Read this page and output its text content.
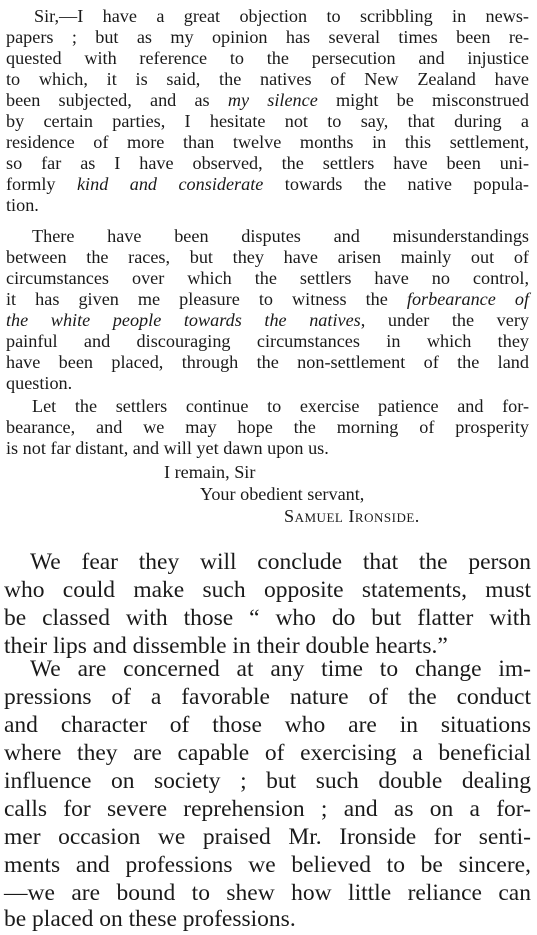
Sir,—I have a great objection to scribbling in news-
papers ; but as my opinion has several times been re-
quested with reference to the persecution and injustice
to which, it is said, the natives of New Zealand have
been subjected, and as my silence might be misconstrued
by certain parties, I hesitate not to say, that during a
residence of more than twelve months in this settlement,
so far as I have observed, the settlers have been uni-
formly kind and considerate towards the native popula-
tion.
There have been disputes and misunderstandings
between the races, but they have arisen mainly out of
circumstances over which the settlers have no control,
it has given me pleasure to witness the forbearance of
the white people towards the natives, under the very
painful and discouraging circumstances in which they
have been placed, through the non-settlement of the land
question.
Let the settlers continue to exercise patience and for-
bearance, and we may hope the morning of prosperity
is not far distant, and will yet dawn upon us.
I remain, Sir
Your obedient servant,
Samuel Ironside.
We fear they will conclude that the person
who could make such opposite statements, must
be classed with those “ who do but flatter with
their lips and dissemble in their double hearts.”
We are concerned at any time to change im-
pressions of a favorable nature of the conduct
and character of those who are in situations
where they are capable of exercising a beneficial
influence on society ; but such double dealing
calls for severe reprehension ; and as on a for-
mer occasion we praised Mr. Ironside for senti-
ments and professions we believed to be sincere,
—we are bound to shew how little reliance can
be placed on these professions.
